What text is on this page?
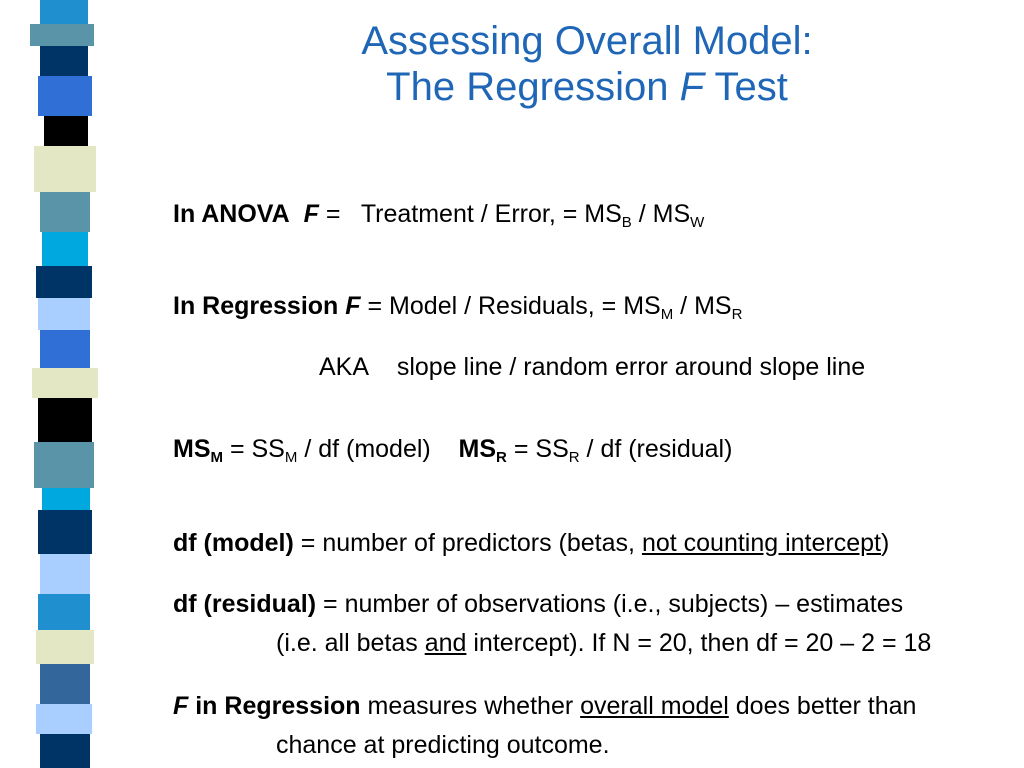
Assessing Overall Model:
The Regression F Test
In ANOVA F = Treatment / Error, = $MS_B / MS_W$
In Regression F = Model / Residuals, = $MS_M / MS_R$
AKA slope line / random error around slope line
$MS_M = SS_M$ / df (model) $MS_R = SS_R$ / df (residual)
df (model) = number of predictors (betas, not counting intercept)
df (residual) = number of observations (i.e., subjects) – estimates
(i.e. all betas and intercept). If N = 20, then df = 20 – 2 = 18
F in Regression measures whether overall model does better than
chance at predicting outcome.
